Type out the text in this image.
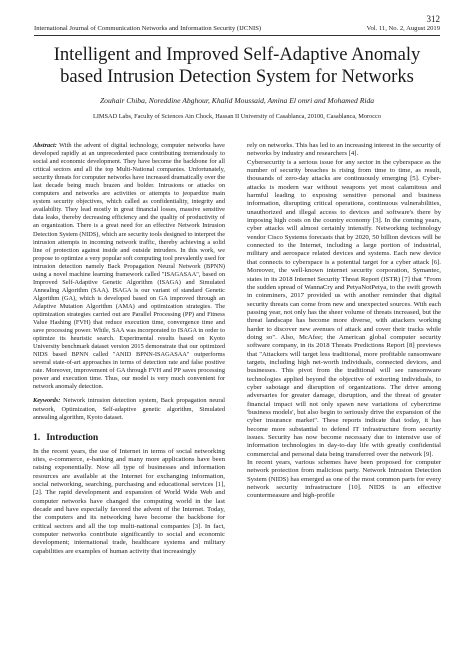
312
International Journal of Communication Networks and Information Security (IJCNIS)	Vol. 11, No. 2, August 2019
Intelligent and Improved Self-Adaptive Anomaly
based Intrusion Detection System for Networks
Zouhair Chiba, Noreddine Abghour, Khalid Moussaid, Amina El omri and Mohamed Rida
LIMSAD Labs, Faculty of Sciences Ain Chock, Hassan II University of Casablanca, 20100, Casablanca, Morocco

Abstract: With the advent of digital technology, computer networks have developed rapidly at an unprecedented pace contributing tremendously to social and economic development. They have become the backbone for all critical sectors and all the top Multi-National companies. Unfortunately, security threats for computer networks have increased dramatically over the last decade being much brazen and bolder. Intrusions or attacks on computers and networks are activities or attempts to jeopardize main system security objectives, which called as confidentiality, integrity and availability. They lead mostly in great financial losses, massive sensitive data leaks, thereby decreasing efficiency and the quality of productivity of an organization. There is a great need for an effective Network Intrusion Detection System (NIDS), which are security tools designed to interpret the intrusion attempts in incoming network traffic, thereby achieving a solid line of protection against inside and outside intruders. In this work, we propose to optimize a very popular soft computing tool prevalently used for intrusion detection namely Back Propagation Neural Network (BPNN) using a novel machine learning framework called "ISAGASAA", based on Improved Self-Adaptive Genetic Algorithm (ISAGA) and Simulated Annealing Algorithm (SAA). ISAGA is our variant of standard Genetic Algorithm (GA), which is developed based on GA improved through an Adaptive Mutation Algorithm (AMA) and optimization strategies. The optimization strategies carried out are Parallel Processing (PP) and Fitness Value Hashing (FVH) that reduce execution time, convergence time and save processing power. While, SAA was incorporated to ISAGA in order to optimize its heuristic search. Experimental results based on Kyoto University benchmark dataset version 2015 demonstrate that our optimized NIDS based BPNN called "ANID BPNN-ISAGASAA" outperforms several state-of-art approaches in terms of detection rate and false positive rate. Moreover, improvement of GA through FVH and PP saves processing power and execution time. Thus, our model is very much convenient for network anomaly detection.

Keywords: Network intrusion detection system, Back propagation neural network, Optimization, Self-adaptive genetic algorithm, Simulated annealing algorithm, Kyoto dataset.

1. Introduction

In the recent years, the use of Internet in terms of social networking sites, e-commerce, e-banking and many more applications have been raising exponentially. Now all type of businesses and information resources are available at the Internet for exchanging information, social networking, searching, purchasing and educational services [1], [2]. The rapid development and expansion of World Wide Web and computer networks have changed the computing world in the last decade and have especially favored the advent of the Internet. Today, the computers and its networking have become the backbone for critical sectors and all the top multi-national companies [3]. In fact, computer networks contribute significantly to social and economic development; international trade, healthcare systems and military capabilities are examples of human activity that increasingly

rely on networks. This has led to an increasing interest in the security of networks by industry and researchers [4].

Cybersecurity is a serious issue for any sector in the cyberspace as the number of security breaches is rising from time to time, as result, thousands of zero-day attacks are continuously emerging [5]. Cyber-attacks is modern war without weapons yet most calamitous and harmful leading to exposing sensitive personal and business information, disrupting critical operations, continuous vulnerabilities, unauthorized and illegal access to devices and software's there by imposing high costs on the country economy [3]. In the coming years, cyber attacks will almost certainly intensify. Networking technology vendor Cisco Systems forecasts that by 2020, 50 billion devices will be connected to the Internet, including a large portion of industrial, military and aerospace related devices and systems. Each new device that connects to cyberspace is a potential target for a cyber attack [6]. Moreover, the well-known internet security corporation, Symantec, states in its 2018 Internet Security Threat Report (ISTR) [7] that "From the sudden spread of WannaCry and PetyaNotPetya, to the swift growth in coinminers, 2017 provided us with another reminder that digital security threats can come from new and unexpected sources. With each passing year, not only has the sheer volume of threats increased, but the threat landscape has become more diverse, with attackers working harder to discover new avenues of attack and cover their tracks while doing so". Also, McAfee; the American global computer security software company, in its 2018 Threats Predictions Report [8] previews that "Attackers will target less traditional, more profitable ransomware targets, including high net-worth individuals, connected devices, and businesses. This pivot from the traditional will see ransomware technologies applied beyond the objective of extorting individuals, to cyber sabotage and disruption of organizations. The drive among adversaries for greater damage, disruption, and the threat of greater financial impact will not only spawn new variations of cybercrime 'business models', but also begin to seriously drive the expansion of the cyber insurance market". These reports indicate that today, it has become more substantial to defend IT infrastructure from security issues. Security has now become necessary due to intensive use of information technologies in day-to-day life with greatly confidential commercial and personal data being transferred over the network [9].

In recent years, various schemes have been proposed for computer network protection from malicious party. Network Intrusion Detection System (NIDS) has emerged as one of the most common parts for every network security infrastructure [10]. NIDS is an effective countermeasure and high-profile
